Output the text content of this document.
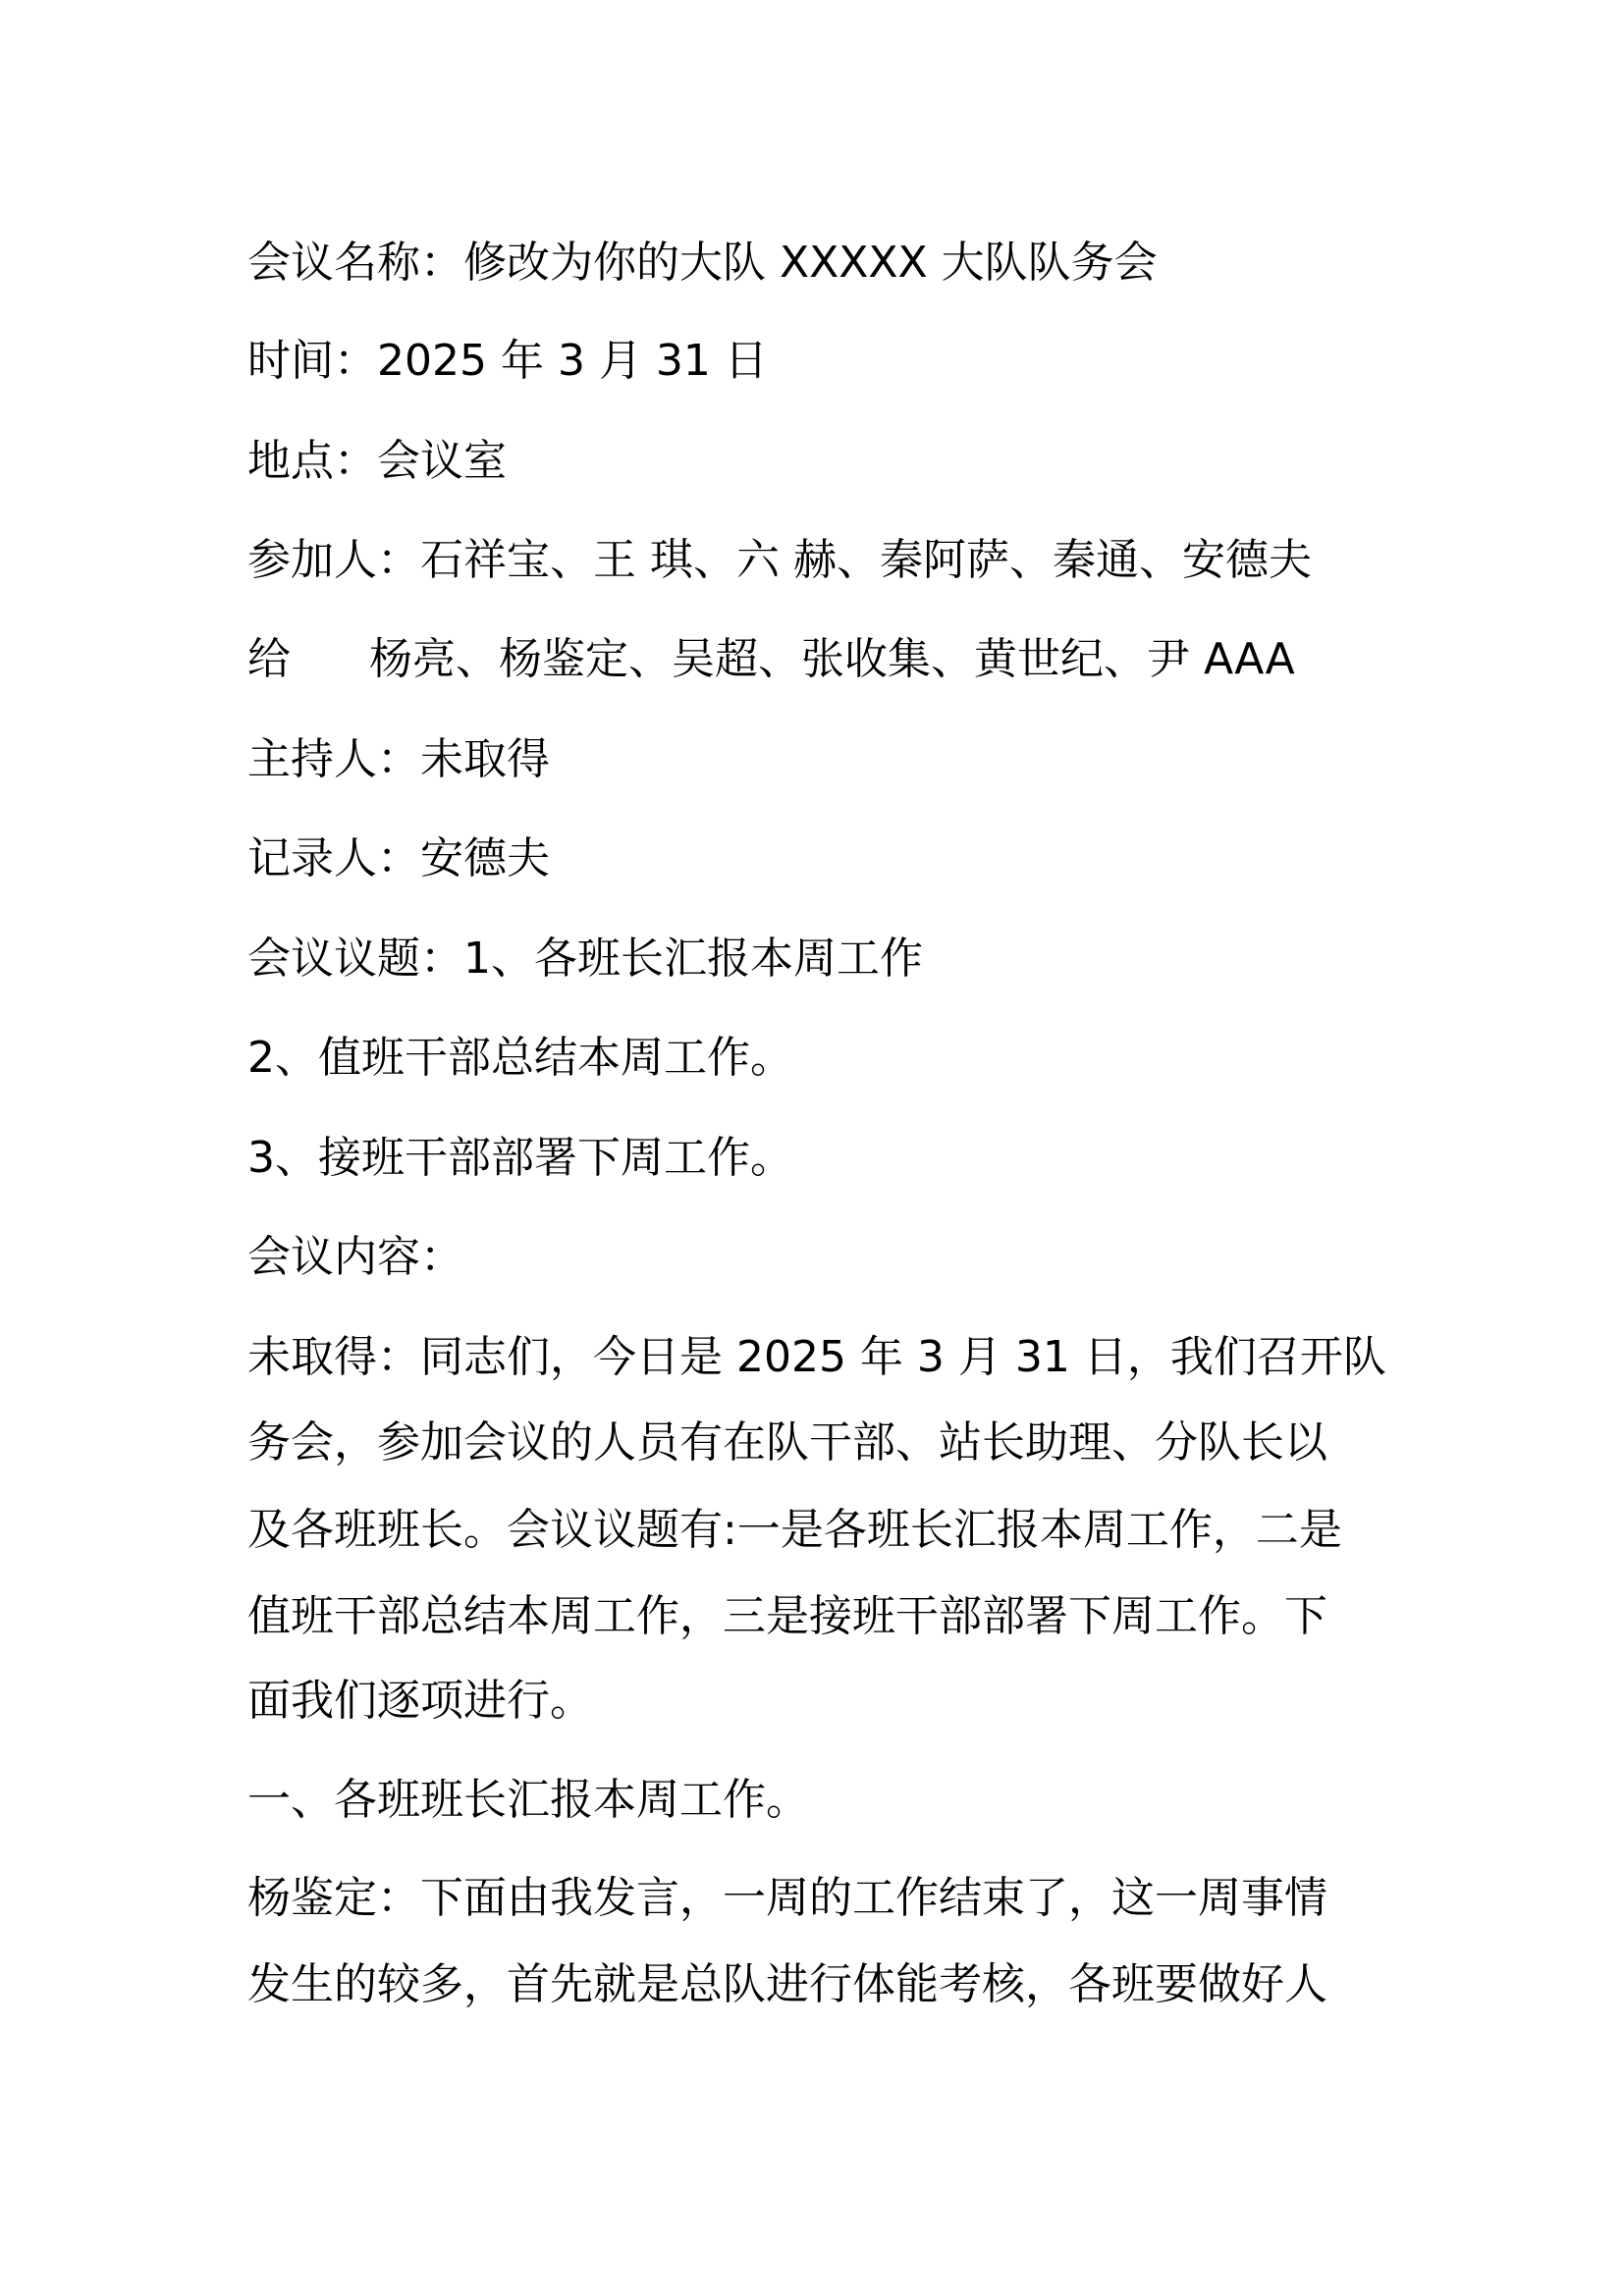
会议名称：修改为你的大队 XXXXX 大队队务会
时间：2025 年 3 月 31 日
地点：会议室
参加人：石祥宝、王 琪、六 赫、秦阿萨、秦通、安德夫
给 杨亮、杨鉴定、吴超、张收集、黄世纪、尹 AAA
主持人：未取得
记录人：安德夫
会议议题：1、各班长汇报本周工作
2、值班干部总结本周工作。
3、接班干部部署下周工作。
会议内容：
未取得：同志们，今日是 2025 年 3 月 31 日，我们召开队
务会，参加会议的人员有在队干部、站长助理、分队长以
及各班班长。会议议题有:一是各班长汇报本周工作，二是
值班干部总结本周工作，三是接班干部部署下周工作。下
面我们逐项进行。
一、各班班长汇报本周工作。
杨鉴定：下面由我发言，一周的工作结束了，这一周事情
发生的较多，首先就是总队进行体能考核，各班要做好人
